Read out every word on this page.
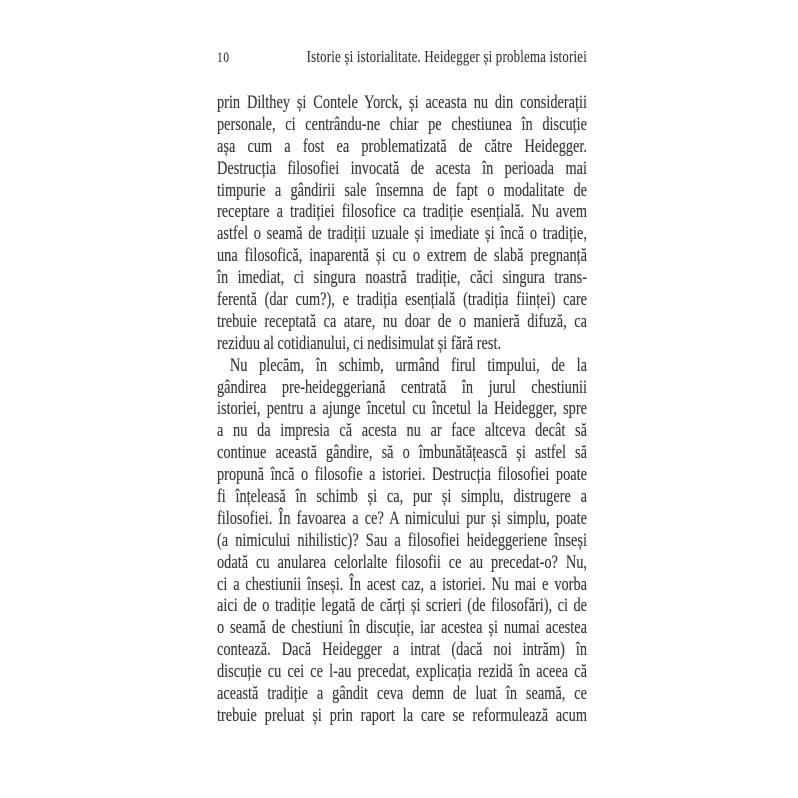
10	Istorie și istorialitate. Heidegger și problema istoriei
prin Dilthey și Contele Yorck, și aceasta nu din considerații
personale, ci centrându-ne chiar pe chestiunea în discuție
așa cum a fost ea problematizată de către Heidegger.
Destrucția filosofiei invocată de acesta în perioada mai
timpurie a gândirii sale însemna de fapt o modalitate de
receptare a tradiției filosofice ca tradiție esențială. Nu avem
astfel o seamă de tradiții uzuale și imediate și încă o tradiție,
una filosofică, inaparentă și cu o extrem de slabă pregnanță
în imediat, ci singura noastră tradiție, căci singura trans-
ferentă (dar cum?), e tradiția esențială (tradiția ființei) care
trebuie receptată ca atare, nu doar de o manieră difuză, ca
reziduu al cotidianului, ci nedisimulat și fără rest.
Nu plecăm, în schimb, urmând firul timpului, de la
gândirea pre-heideggeriană centrată în jurul chestiunii
istoriei, pentru a ajunge încetul cu încetul la Heidegger, spre
a nu da impresia că acesta nu ar face altceva decât să
continue această gândire, să o îmbunătățească și astfel să
propună încă o filosofie a istoriei. Destrucția filosofiei poate
fi înțeleasă în schimb și ca, pur și simplu, distrugere a
filosofiei. În favoarea a ce? A nimicului pur și simplu, poate
(a nimicului nihilistic)? Sau a filosofiei heideggeriene înseși
odată cu anularea celorlalte filosofii ce au precedat-o? Nu,
ci a chestiunii înseși. În acest caz, a istoriei. Nu mai e vorba
aici de o tradiție legată de cărți și scrieri (de filosofări), ci de
o seamă de chestiuni în discuție, iar acestea și numai acestea
contează. Dacă Heidegger a intrat (dacă noi intrăm) în
discuție cu cei ce l-au precedat, explicația rezidă în aceea că
această tradiție a gândit ceva demn de luat în seamă, ce
trebuie preluat și prin raport la care se reformulează acum
